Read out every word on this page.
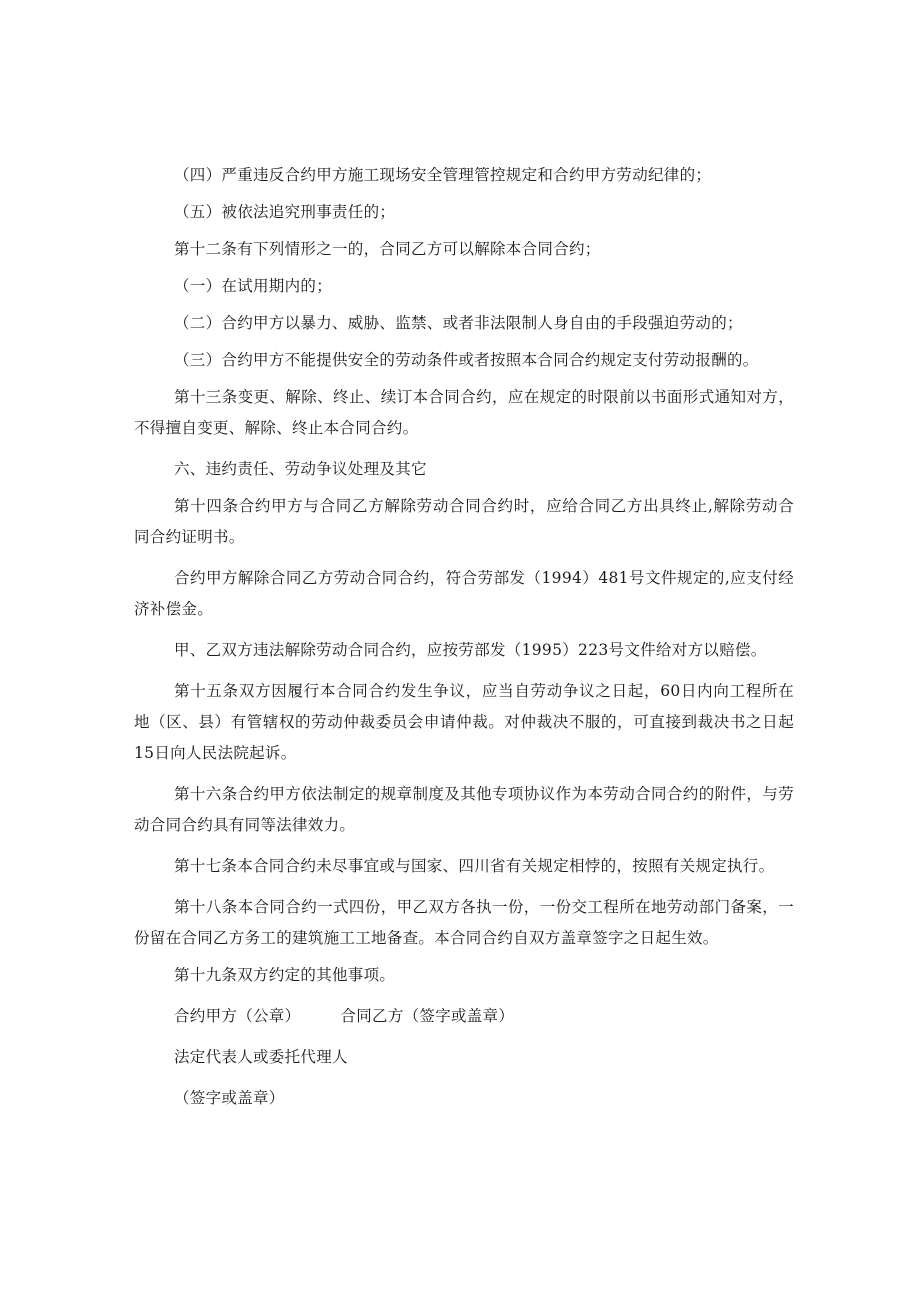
（四）严重违反合约甲方施工现场安全管理管控规定和合约甲方劳动纪律的；

（五）被依法追究刑事责任的；

第十二条有下列情形之一的，合同乙方可以解除本合同合约；

（一）在试用期内的；

（二）合约甲方以暴力、威胁、监禁、或者非法限制人身自由的手段强迫劳动的；

（三）合约甲方不能提供安全的劳动条件或者按照本合同合约规定支付劳动报酬的。

第十三条变更、解除、终止、续订本合同合约，应在规定的时限前以书面形式通知对方，不得擅自变更、解除、终止本合同合约。

六、违约责任、劳动争议处理及其它

第十四条合约甲方与合同乙方解除劳动合同合约时，应给合同乙方出具终止,解除劳动合同合约证明书。

合约甲方解除合同乙方劳动合同合约，符合劳部发（1994）481号文件规定的,应支付经济补偿金。

甲、乙双方违法解除劳动合同合约，应按劳部发（1995）223号文件给对方以赔偿。

第十五条双方因履行本合同合约发生争议，应当自劳动争议之日起，60日内向工程所在地（区、县）有管辖权的劳动仲裁委员会申请仲裁。对仲裁决不服的，可直接到裁决书之日起15日向人民法院起诉。

第十六条合约甲方依法制定的规章制度及其他专项协议作为本劳动合同合约的附件，与劳动合同合约具有同等法律效力。

第十七条本合同合约未尽事宜或与国家、四川省有关规定相悖的，按照有关规定执行。

第十八条本合同合约一式四份，甲乙双方各执一份，一份交工程所在地劳动部门备案，一份留在合同乙方务工的建筑施工工地备查。本合同合约自双方盖章签字之日起生效。

第十九条双方约定的其他事项。

合约甲方（公章）	合同乙方（签字或盖章）
法定代表人或委托代理人
（签字或盖章）
